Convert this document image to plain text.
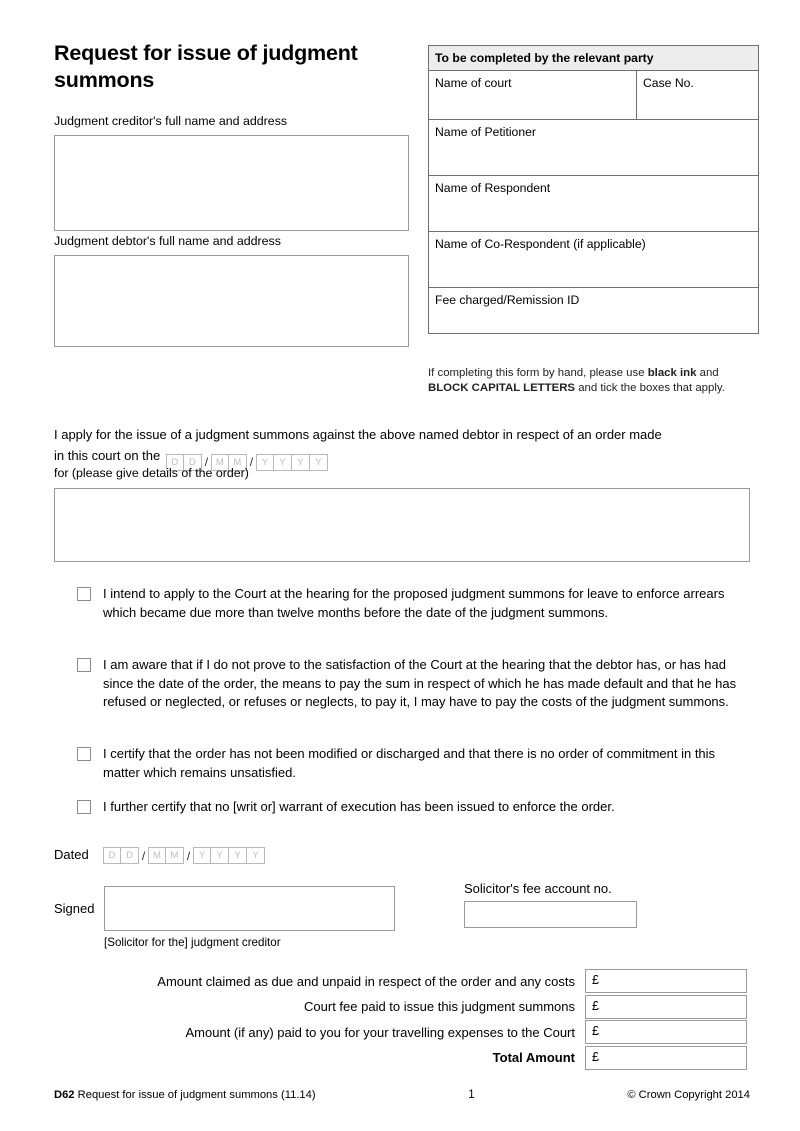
Request for issue of judgment summons
Judgment creditor's full name and address
Judgment debtor's full name and address
To be completed by the relevant party
Name of court	Case No.
Name of Petitioner
Name of Respondent
Name of Co-Respondent (if applicable)
Fee charged/Remission ID
If completing this form by hand, please use black ink and BLOCK CAPITAL LETTERS and tick the boxes that apply.
I apply for the issue of a judgment summons against the above named debtor in respect of an order made
in this court on the	D	D / M	M / Y	Y	Y	Y
for (please give details of the order)
I intend to apply to the Court at the hearing for the proposed judgment summons for leave to enforce arrears which became due more than twelve months before the date of the judgment summons.
I am aware that if I do not prove to the satisfaction of the Court at the hearing that the debtor has, or has had since the date of the order, the means to pay the sum in respect of which he has made default and that he has refused or neglected, or refuses or neglects, to pay it, I may have to pay the costs of the judgment summons.
I certify that the order has not been modified or discharged and that there is no order of commitment in this matter which remains unsatisfied.
I further certify that no [writ or] warrant of execution has been issued to enforce the order.
Dated	D	D / M	M / Y	Y	Y	Y
Signed
[Solicitor for the] judgment creditor
Solicitor's fee account no.
Amount claimed as due and unpaid in respect of the order and any costs	£
Court fee paid to issue this judgment summons	£
Amount (if any) paid to you for your travelling expenses to the Court	£
Total Amount	£
D62 Request for issue of judgment summons (11.14)	1	© Crown Copyright 2014
